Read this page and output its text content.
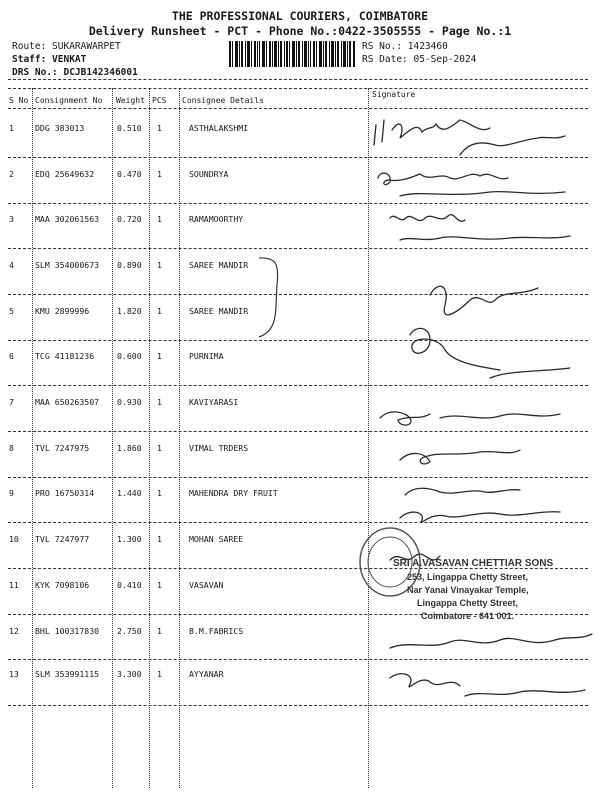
THE PROFESSIONAL COURIERS, COIMBATORE
Delivery Runsheet - PCT - Phone No.:0422-3505555 - Page No.:1
Route: SUKARAWARPET
Staff: VENKAT
DRS No.: DCJB142346001
RS No.: 1423460
RS Date: 05-Sep-2024
S No Consignment No Weight PCS Consignee Details
Signature
1	DDG 383013	0.510 1	ASTHALAKSHMI
2	EDQ 25649632	0.470 1	SOUNDRYA
3	MAA 302061563 0.720 1	RAMAMOORTHY
4	SLM 354000673 0.890 1	SAREE MANDIR
5	KMU 2899996	1.820 1	SAREE MANDIR
6	TCG 41181236	0.600 1	PURNIMA
7	MAA 650263507 0.930 1	KAVIYARASI
8	TVL 7247975	1.860 1	VIMAL TRDERS
9	PRO 16750314	1.440 1	MAHENDRA DRY FRUIT
10 TVL 7247977	1.300 1	MOHAN SAREE
11 KYK 7098106	0.410 1	VASAVAN
12 BHL 100317830 2.750 1	B.M.FABRICS
13 SLM 353991115 3.300 1	AYYANAR
SRI A.VASAVAN CHETTIAR SONS
253, Lingappa Chetty Street,
Nar Yanai Vinayakar Temple,
Lingappa Chetty Street,
Coimbatore - 641 001.
